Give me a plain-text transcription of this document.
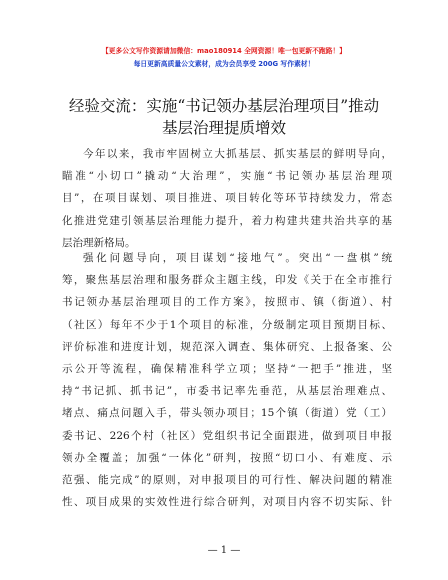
【更多公文写作资源请加微信：mao180914 全网资源！唯一包更新不跑路！】
每日更新高质量公文素材，成为会员享受 200G 写作素材！
经验交流：实施“书记领办基层治理项目”推动
基层治理提质增效
今年以来，我市牢固树立大抓基层、抓实基层的鲜明导向，
瞄准“小切口”撬动“大治理”，实施“书记领办基层治理项
目”，在项目谋划、项目推进、项目转化等环节持续发力，常态
化推进党建引领基层治理能力提升，着力构建共建共治共享的基
层治理新格局。
强化问题导向，项目谋划“接地气”。突出“一盘棋”统
筹，聚焦基层治理和服务群众主题主线，印发《关于在全市推行
书记领办基层治理项目的工作方案》，按照市、镇（街道）、村
（社区）每年不少于1个项目的标准，分级制定项目预期目标、
评价标准和进度计划，规范深入调查、集体研究、上报备案、公
示公开等流程，确保精准科学立项；坚持“一把手”推进，坚
持“书记抓、抓书记”，市委书记率先垂范，从基层治理难点、
堵点、痛点问题入手，带头领办项目；15个镇（街道）党（工）
委书记、226个村（社区）党组织书记全面跟进，做到项目申报
领办全覆盖；加强“一体化”研判，按照“切口小、有难度、示
范强、能完成”的原则，对申报项目的可行性、解决问题的精准
性、项目成果的实效性进行综合研判，对项目内容不切实际、针
— 1 —
